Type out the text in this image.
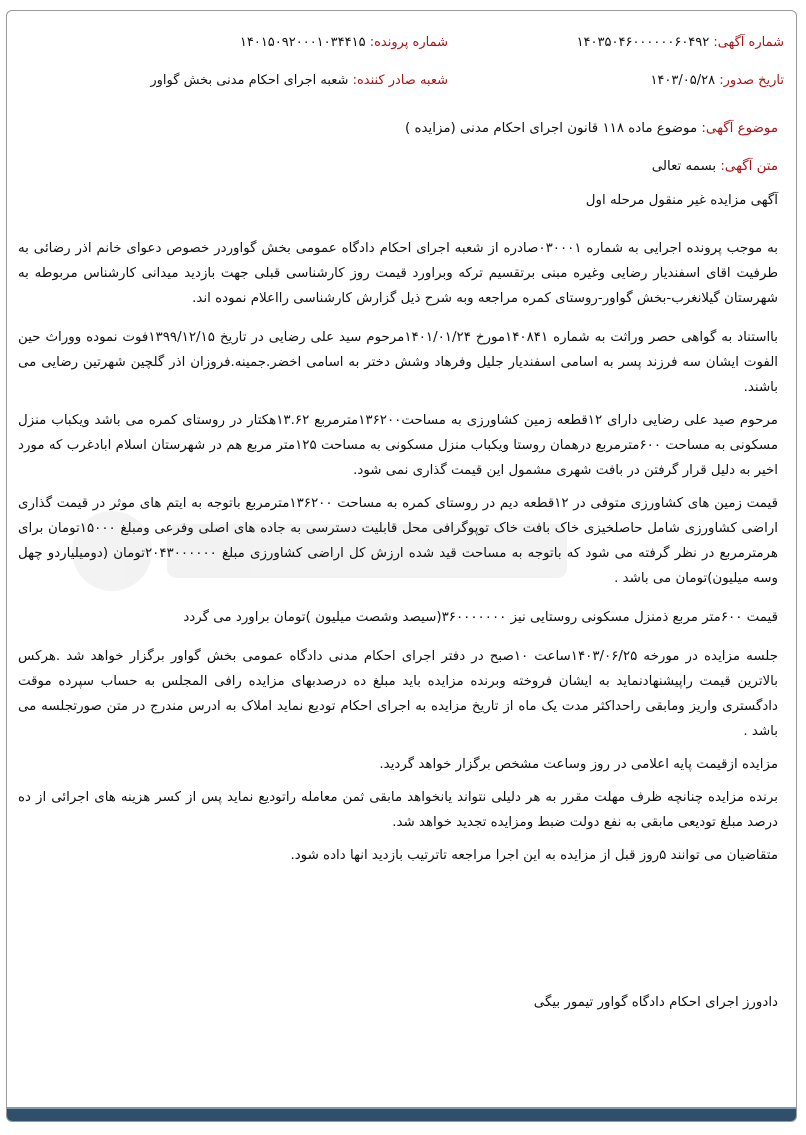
شماره آگهی: ۱۴۰۳۵۰۴۶۰۰۰۰۰۰۶۰۴۹۲
شماره پرونده: ۱۴۰۱۵۰۹۲۰۰۰۱۰۳۴۴۱۵
تاریخ صدور: ۱۴۰۳/۰۵/۲۸
شعبه صادر کننده: شعبه اجرای احکام مدنی بخش گواور
موضوع آگهی: موضوع ماده ۱۱۸ قانون اجرای احکام مدنی (مزایده )
متن آگهی: بسمه تعالی
آگهی مزایده غیر منقول مرحله اول

به موجب پرونده اجرایی به شماره ۰۳۰۰۰۱صادره از شعبه اجرای احکام دادگاه عمومی بخش گواوردر خصوص دعوای خانم اذر رضائی به طرفیت اقای اسفندیار رضایی وغیره مبنی برتقسیم ترکه وبراورد قیمت روز کارشناسی قبلی جهت بازدید میدانی کارشناس مربوطه به شهرستان گیلانغرب-بخش گواور-روستای کمره مراجعه وبه شرح ذیل گزارش کارشناسی رااعلام نموده اند.

بااستناد به گواهی حصر وراثت به شماره ۱۴۰۸۴۱مورخ ۱۴۰۱/۰۱/۲۴مرحوم سید علی رضایی در تاریخ ۱۳۹۹/۱۲/۱۵فوت نموده ووراث حین الفوت ایشان سه فرزند پسر به اسامی اسفندیار جلیل وفرهاد وشش دختر به اسامی اخضر.جمینه.فروزان اذر گلچین شهرتین رضایی می باشند.

مرحوم صید علی رضایی دارای ۱۲قطعه زمین کشاورزی به مساحت۱۳۶۲۰۰مترمربع ۱۳.۶۲هکتار در روستای کمره می باشد ویکباب منزل مسکونی به مساحت ۶۰۰مترمربع درهمان روستا ویکباب منزل مسکونی به مساحت ۱۲۵متر مربع هم در شهرستان اسلام ابادغرب که مورد اخیر به دلیل قرار گرفتن در بافت شهری مشمول این قیمت گذاری نمی شود.

قیمت زمین های کشاورزی متوفی در ۱۲قطعه دیم در روستای کمره به مساحت ۱۳۶۲۰۰مترمربع باتوجه به ایتم های موثر در قیمت گذاری اراضی کشاورزی شامل حاصلخیزی خاک بافت خاک توپوگرافی محل قابلیت دسترسی به جاده های اصلی وفرعی ومبلغ ۱۵۰۰۰تومان برای هرمترمربع در نظر گرفته می شود که باتوجه به مساحت قید شده ارزش کل اراضی کشاورزی مبلغ ۲۰۴۳۰۰۰۰۰۰تومان (دومیلیاردو چهل وسه میلیون)تومان می باشد .

قیمت ۶۰۰متر مربع ذمنزل مسکونی روستایی نیز ۳۶۰۰۰۰۰۰۰(سیصد وشصت میلیون )تومان براورد می گردد

جلسه مزایده در مورخه ۱۴۰۳/۰۶/۲۵ساعت ۱۰صبح در دفتر اجرای احکام مدنی دادگاه عمومی بخش گواور برگزار خواهد شد .هرکس بالاترین قیمت راپیشنهادنماید به ایشان فروخته وبرنده مزایده باید مبلغ ده درصدبهای مزایده رافی المجلس به حساب سپرده موقت دادگستری واریز ومابقی راحداکثر مدت یک ماه از تاریخ مزایده به اجرای احکام تودیع نماید املاک به ادرس مندرج در متن صورتجلسه می باشد .

مزایده ازقیمت پایه اعلامی در روز وساعت مشخص برگزار خواهد گردید.

برنده مزایده چنانچه ظرف مهلت مقرر به هر دلیلی نتواند یانخواهد مابقی ثمن معامله راتودیع نماید پس از کسر هزینه های اجرائی از ده درصد مبلغ تودیعی مابقی به نفع دولت ضبط ومزایده تجدید خواهد شد.

متقاضیان می توانند ۵روز قبل از مزایده به این اجرا مراجعه تاترتیب بازدید انها داده شود.

دادورز اجرای احکام دادگاه گواور تیمور بیگی
